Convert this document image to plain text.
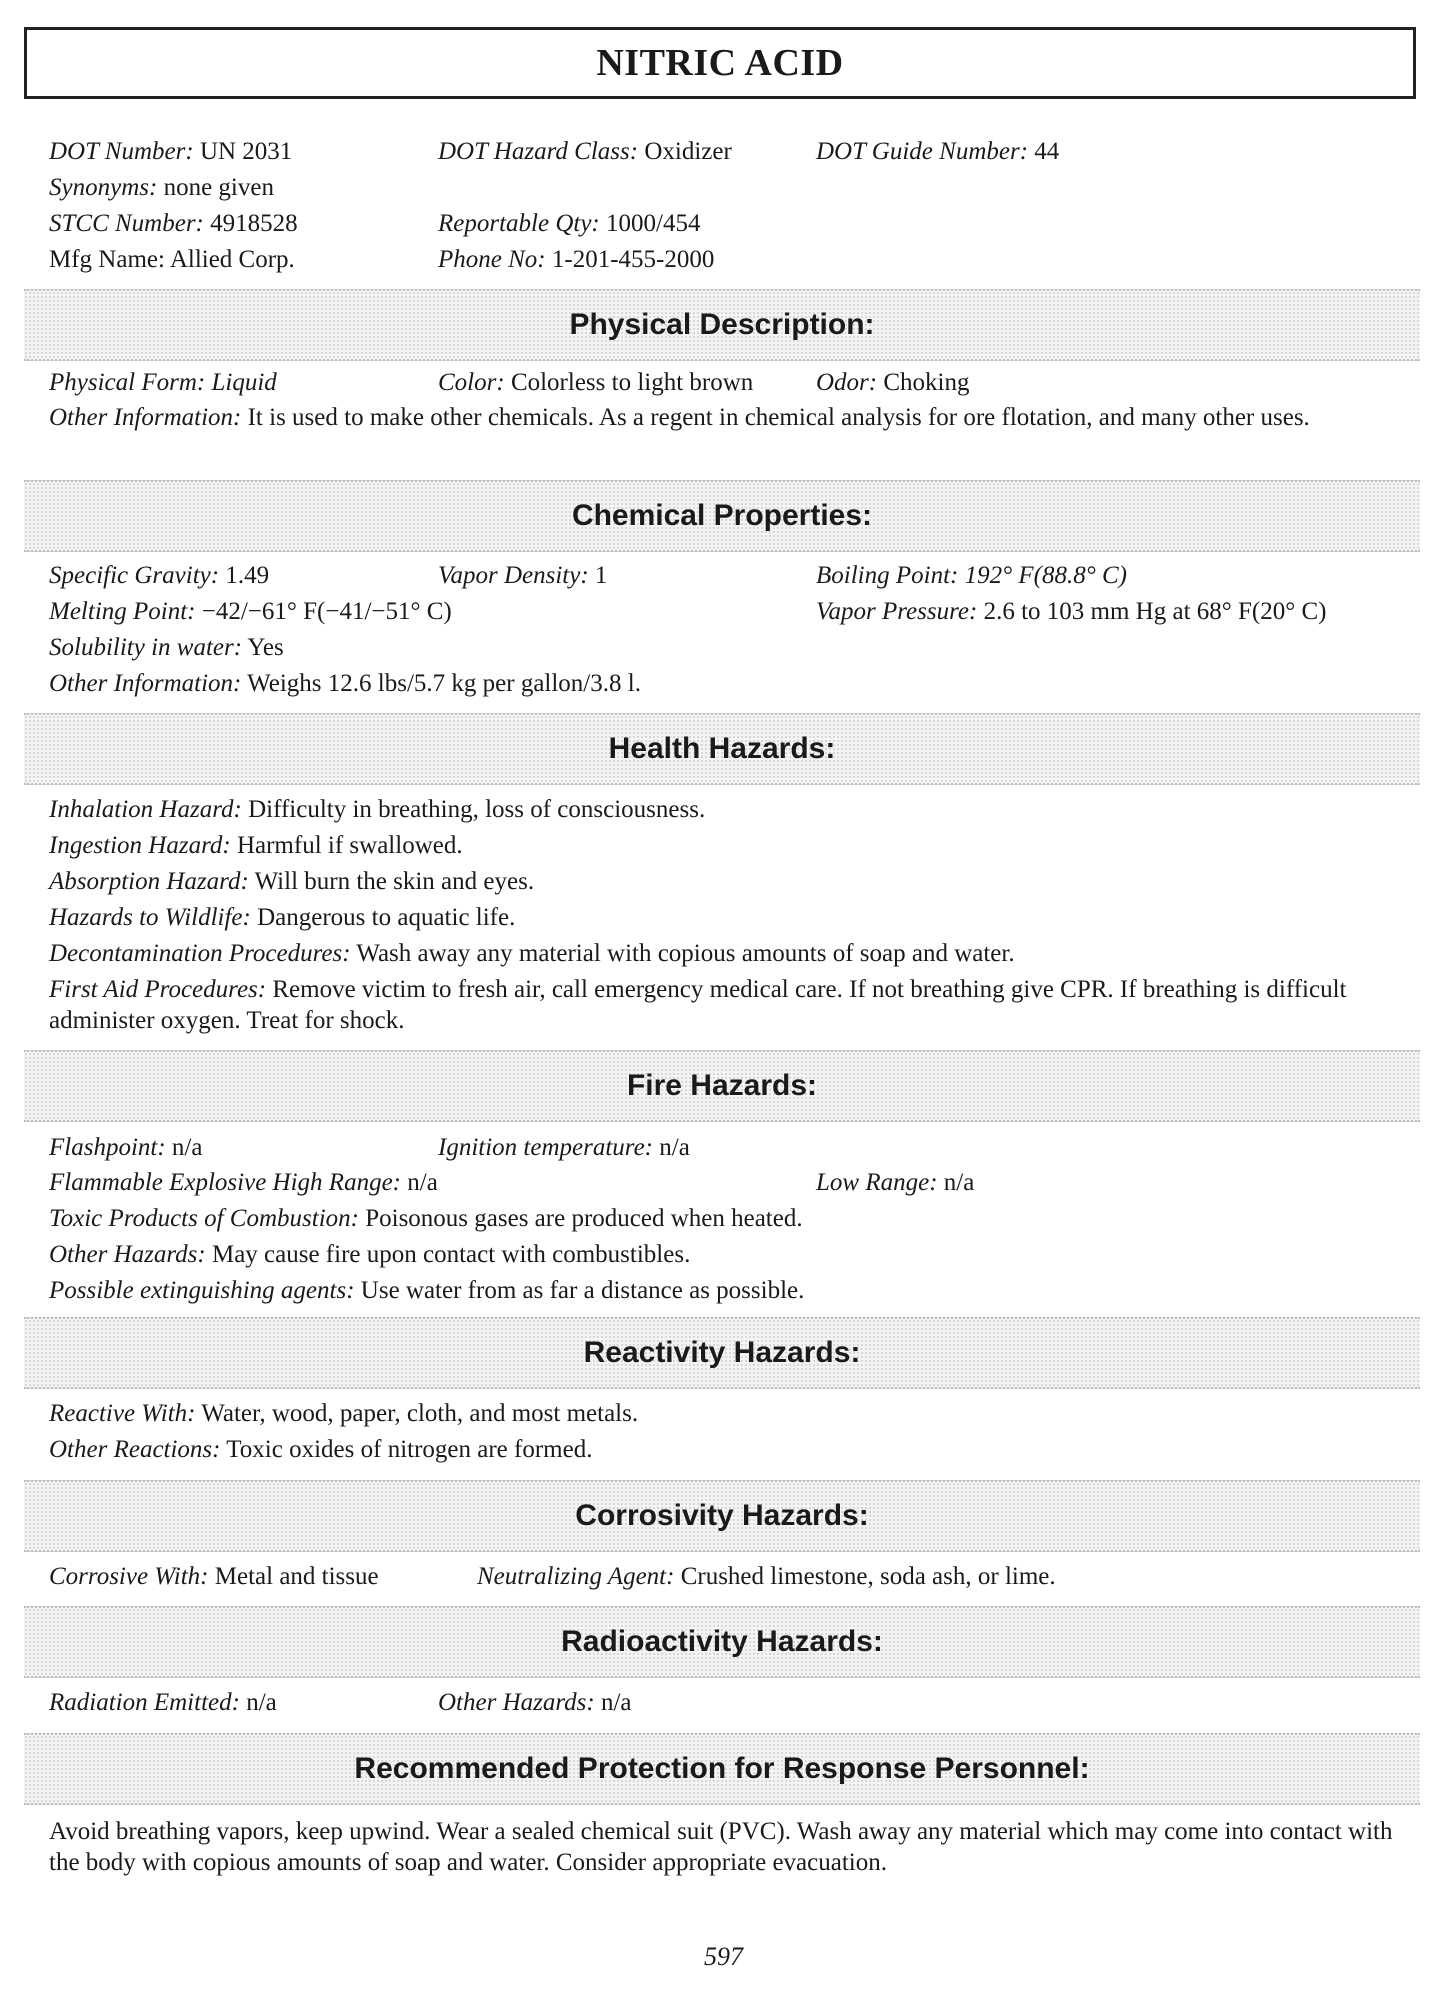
NITRIC ACID
DOT Number: UN 2031	DOT Hazard Class: Oxidizer	DOT Guide Number: 44
Synonyms: none given
STCC Number: 4918528	Reportable Qty: 1000/454
Mfg Name: Allied Corp.	Phone No: 1-201-455-2000
Physical Description:
Physical Form: Liquid	Color: Colorless to light brown	Odor: Choking
Other Information: It is used to make other chemicals. As a regent in chemical analysis for ore flotation, and many other uses.
Chemical Properties:
Specific Gravity: 1.49	Vapor Density: 1	Boiling Point: 192° F(88.8° C)
Melting Point: −42/−61° F(−41/−51° C)	Vapor Pressure: 2.6 to 103 mm Hg at 68° F(20° C)
Solubility in water: Yes
Other Information: Weighs 12.6 lbs/5.7 kg per gallon/3.8 l.
Health Hazards:
Inhalation Hazard: Difficulty in breathing, loss of consciousness.
Ingestion Hazard: Harmful if swallowed.
Absorption Hazard: Will burn the skin and eyes.
Hazards to Wildlife: Dangerous to aquatic life.
Decontamination Procedures: Wash away any material with copious amounts of soap and water.
First Aid Procedures: Remove victim to fresh air, call emergency medical care. If not breathing give CPR. If breathing is difficult administer oxygen. Treat for shock.
Fire Hazards:
Flashpoint: n/a	Ignition temperature: n/a
Flammable Explosive High Range: n/a	Low Range: n/a
Toxic Products of Combustion: Poisonous gases are produced when heated.
Other Hazards: May cause fire upon contact with combustibles.
Possible extinguishing agents: Use water from as far a distance as possible.
Reactivity Hazards:
Reactive With: Water, wood, paper, cloth, and most metals.
Other Reactions: Toxic oxides of nitrogen are formed.
Corrosivity Hazards:
Corrosive With: Metal and tissue	Neutralizing Agent: Crushed limestone, soda ash, or lime.
Radioactivity Hazards:
Radiation Emitted: n/a	Other Hazards: n/a
Recommended Protection for Response Personnel:
Avoid breathing vapors, keep upwind. Wear a sealed chemical suit (PVC). Wash away any material which may come into contact with the body with copious amounts of soap and water. Consider appropriate evacuation.
597
